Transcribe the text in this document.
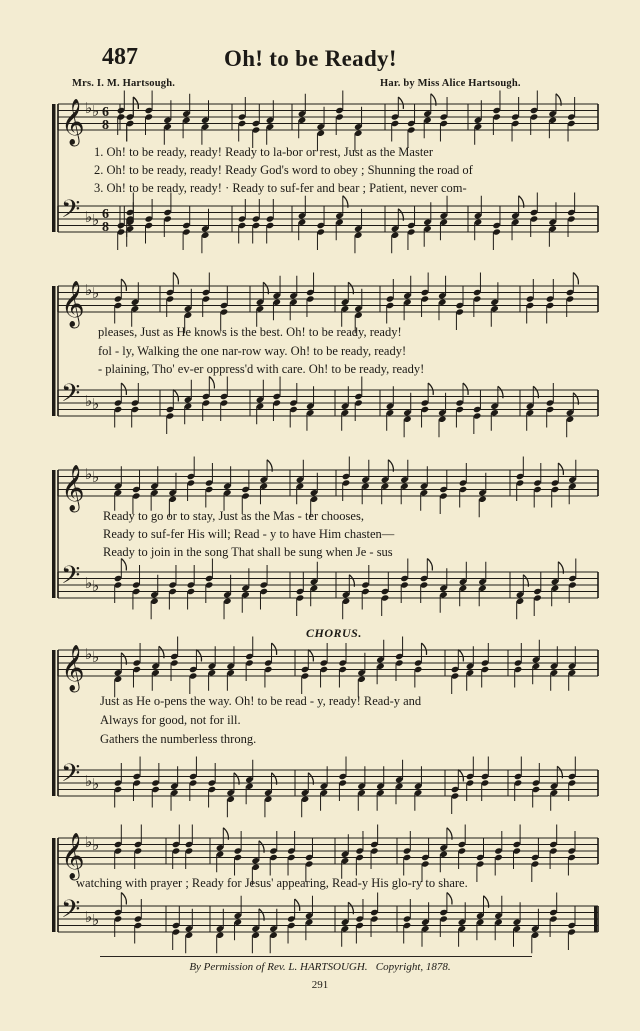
487	Oh! to be Ready!
Mrs. I. M. Hartsough.	Har. by Miss Alice Hartsough.
𝄞 ♭ ♭ 6
8
𝄢 ♭ ♭ 6
8
1. Oh! to be ready, ready! Ready to la-bor or rest, Just as the Master
2. Oh! to be ready, ready! Ready God's word to obey ; Shunning the road of
3. Oh! to be ready, ready! · Ready to suf-fer and bear ; Patient, never com-
𝄞 ♭ ♭
𝄢 ♭ ♭
pleases, Just as He knows is the best. Oh! to be ready, ready!
fol - ly, Walking the one nar-row way. Oh! to be ready, ready!
- plaining, Tho' ev-er oppress'd with care. Oh! to be ready, ready!
𝄞 ♭ ♭
𝄢 ♭ ♭
Ready to go or to stay, Just as the Mas - ter chooses,
Ready to suf-fer His will; Read - y to have Him chasten—
Ready to join in the song That shall be sung when Je - sus
CHORUS.
𝄞 ♭ ♭
𝄢 ♭ ♭
Just as He o-pens the way. Oh! to be read - y, ready! Read-y and
Always for good, not for ill.
Gathers the numberless throng.
𝄞 ♭ ♭
𝄢 ♭ ♭
watching with prayer ; Ready for Jesus' appearing, Read-y His glo-ry to share.
By Permission of Rev. L. HARTSOUGH. Copyright, 1878.
291
